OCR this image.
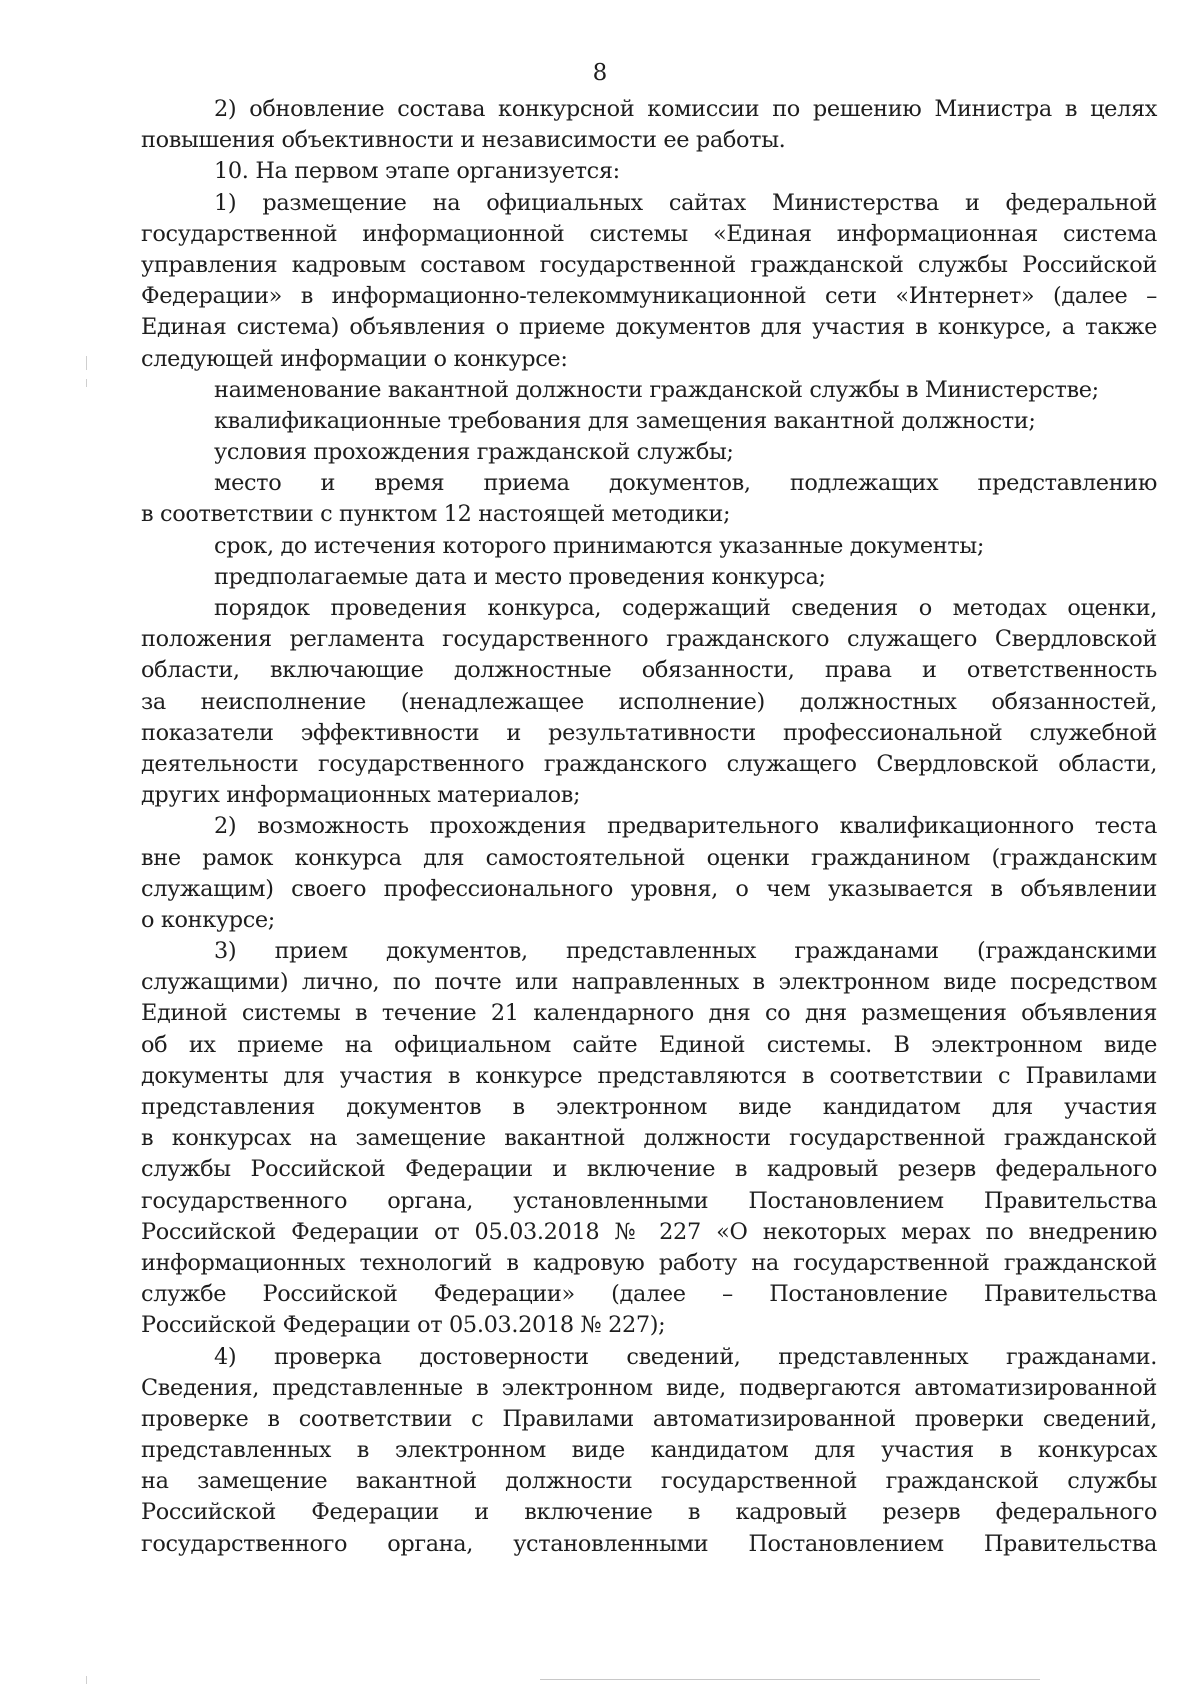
8
2) обновление состава конкурсной комиссии по решению Министра в целях
повышения объективности и независимости ее работы.
10. На первом этапе организуется:
1) размещение на официальных сайтах Министерства и федеральной
государственной информационной системы «Единая информационная система
управления кадровым составом государственной гражданской службы Российской
Федерации» в информационно-телекоммуникационной сети «Интернет» (далее –
Единая система) объявления о приеме документов для участия в конкурсе, а также
следующей информации о конкурсе:
наименование вакантной должности гражданской службы в Министерстве;
квалификационные требования для замещения вакантной должности;
условия прохождения гражданской службы;
место и время приема документов, подлежащих представлению
в соответствии с пунктом 12 настоящей методики;
срок, до истечения которого принимаются указанные документы;
предполагаемые дата и место проведения конкурса;
порядок проведения конкурса, содержащий сведения о методах оценки,
положения регламента государственного гражданского служащего Свердловской
области, включающие должностные обязанности, права и ответственность
за неисполнение (ненадлежащее исполнение) должностных обязанностей,
показатели эффективности и результативности профессиональной служебной
деятельности государственного гражданского служащего Свердловской области,
других информационных материалов;
2) возможность прохождения предварительного квалификационного теста
вне рамок конкурса для самостоятельной оценки гражданином (гражданским
служащим) своего профессионального уровня, о чем указывается в объявлении
о конкурсе;
3) прием документов, представленных гражданами (гражданскими
служащими) лично, по почте или направленных в электронном виде посредством
Единой системы в течение 21 календарного дня со дня размещения объявления
об их приеме на официальном сайте Единой системы. В электронном виде
документы для участия в конкурсе представляются в соответствии с Правилами
представления документов в электронном виде кандидатом для участия
в конкурсах на замещение вакантной должности государственной гражданской
службы Российской Федерации и включение в кадровый резерв федерального
государственного органа, установленными Постановлением Правительства
Российской Федерации от 05.03.2018 № 227 «О некоторых мерах по внедрению
информационных технологий в кадровую работу на государственной гражданской
службе Российской Федерации» (далее – Постановление Правительства
Российской Федерации от 05.03.2018 № 227);
4) проверка достоверности сведений, представленных гражданами.
Сведения, представленные в электронном виде, подвергаются автоматизированной
проверке в соответствии с Правилами автоматизированной проверки сведений,
представленных в электронном виде кандидатом для участия в конкурсах
на замещение вакантной должности государственной гражданской службы
Российской Федерации и включение в кадровый резерв федерального
государственного органа, установленными Постановлением Правительства
